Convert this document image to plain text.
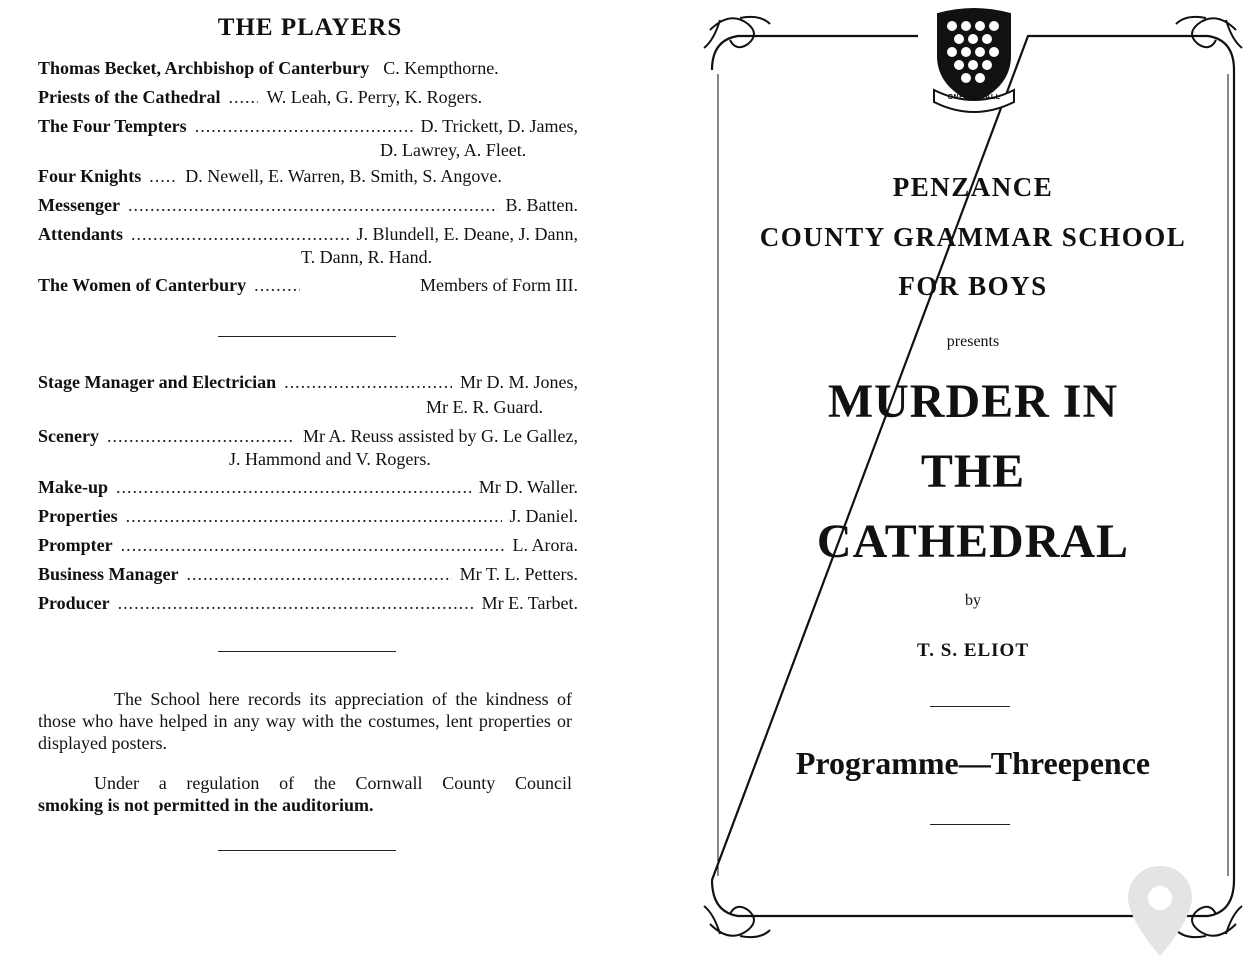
THE PLAYERS
Thomas Becket, Archbishop of Canterbury C. Kempthorne.
Priests of the Cathedral .....	W. Leah, G. Perry, K. Rogers.
The Four Tempters .....	D. Trickett, D. James,
D. Lawrey, A. Fleet.
Four Knights ..... D. Newell, E. Warren, B. Smith, S. Angove.
Messenger .....	B. Batten.
Attendants .....	J. Blundell, E. Deane, J. Dann,
T. Dann, R. Hand.
The Women of Canterbury .....	Members of Form III.
Stage Manager and Electrician .....	Mr D. M. Jones,
Mr E. R. Guard.
Scenery .....	Mr A. Reuss assisted by G. Le Gallez,
J. Hammond and V. Rogers.
Make-up .....	Mr D. Waller.
Properties .....	J. Daniel.
Prompter .....	L. Arora.
Business Manager .....	Mr T. L. Petters.
Producer .....	Mr E. Tarbet.
The School here records its appreciation of the kindness of those who have helped in any way with the costumes, lent properties or displayed posters.
Under a regulation of the Cornwall County Council
smoking is not permitted in the auditorium.
ONE AND ALL
PENZANCE
COUNTY GRAMMAR SCHOOL
FOR BOYS
presents
MURDER IN
THE
CATHEDRAL
by
T. S. ELIOT
Programme—Threepence
